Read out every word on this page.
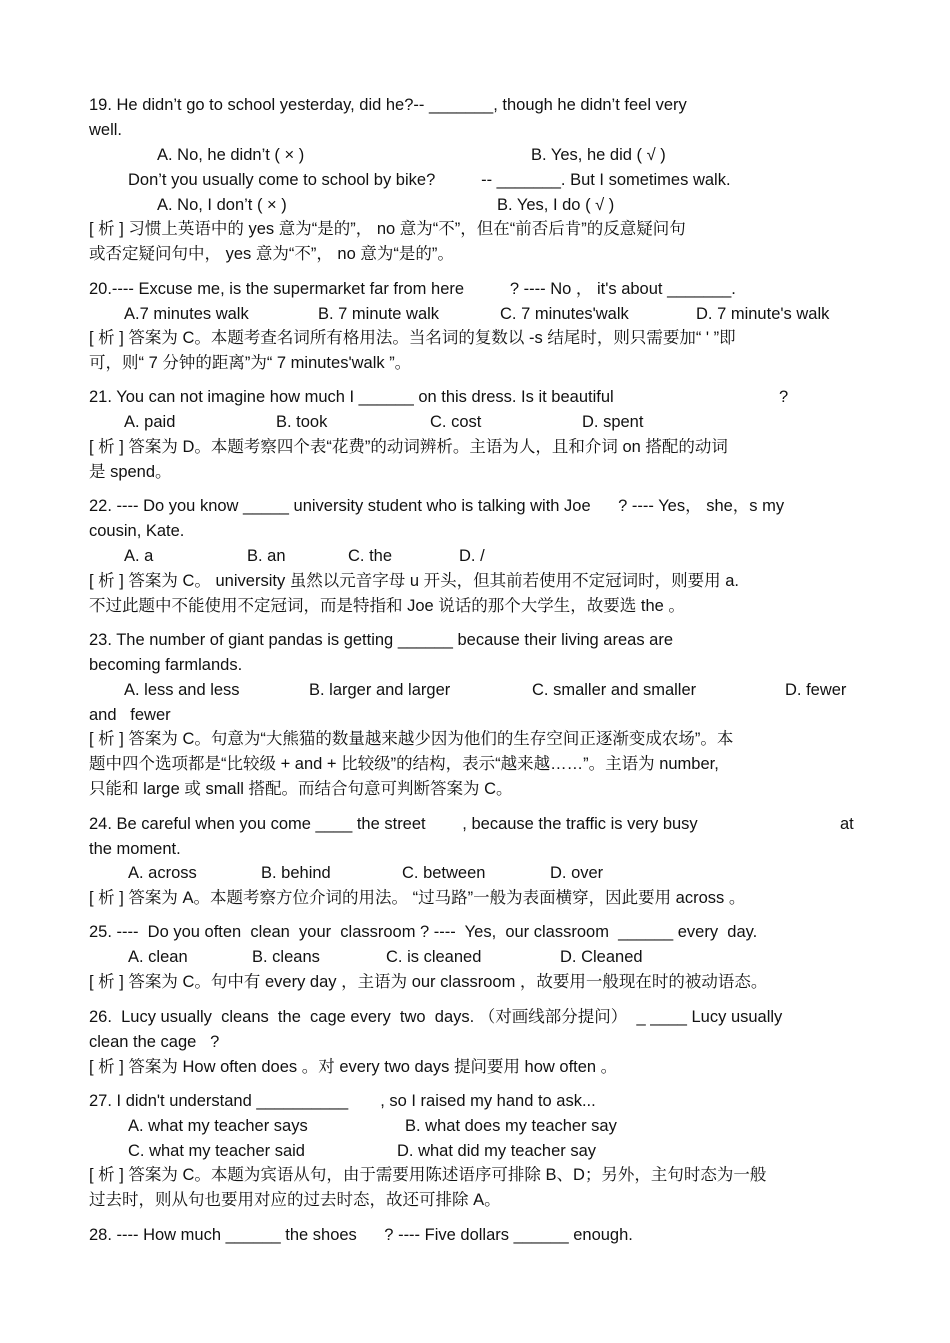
19. He didn’t go to school yesterday, did he?-- _______, though he didn’t feel very
well.
A. No, he didn’t ( × )	B. Yes, he did ( √ )
Don’t you usually come to school by bike?          -- _______. But I sometimes walk.
A. No, I don’t ( × )	B. Yes, I do ( √ )
[ 析 ] 习惯上英语中的 yes 意为“是的”， no 意为“不”，但在“前否后肯”的反意疑问句
或否定疑问句中， yes 意为“不”， no 意为“是的”。
20.---- Excuse me, is the supermarket far from here          ? ---- No ， it's about _______.
A.7 minutes walk	B. 7 minute walk	C. 7 minutes'walk	D. 7 minute's walk
[ 析 ] 答案为 C。本题考查名词所有格用法。当名词的复数以 -s 结尾时，则只需要加“ ' ”即
可，则“ 7 分钟的距离”为“ 7 minutes'walk ”。
21. You can not imagine how much I ______ on this dress. Is it beautiful	?
A. paid	B. took	C. cost	D. spent
[ 析 ] 答案为 D。本题考察四个表“花费”的动词辨析。主语为人，且和介词 on 搭配的动词
是 spend。
22. ---- Do you know _____ university student who is talking with Joe      ? ---- Yes， she，s my
cousin, Kate.
A. a	B. an	C. the	D. /
[ 析 ] 答案为 C。 university 虽然以元音字母 u 开头，但其前若使用不定冠词时，则要用 a.
不过此题中不能使用不定冠词，而是特指和 Joe 说话的那个大学生，故要选 the 。
23. The number of giant pandas is getting ______ because their living areas are
becoming farmlands.
A. less and less	B. larger and larger	C. smaller and smaller	D. fewer
and   fewer
[ 析 ] 答案为 C。句意为“大熊猫的数量越来越少因为他们的生存空间正逐渐变成农场”。本
题中四个选项都是“比较级 + and + 比较级”的结构，表示“越来越……”。主语为 number,
只能和 large 或 small 搭配。而结合句意可判断答案为 C。
24. Be careful when you come ____ the street        , because the traffic is very busy	at
the moment.
A. across	B. behind	C. between	D. over
[ 析 ] 答案为 A。本题考察方位介词的用法。 “过马路”一般为表面横穿，因此要用 across 。
25. ----  Do you often  clean  your  classroom ? ----  Yes,  our classroom  ______ every  day.
A. clean	B. cleans	C. is cleaned	D. Cleaned
[ 析 ] 答案为 C。句中有 every day ，主语为 our classroom ，故要用一般现在时的被动语态。
26.  Lucy usually  cleans  the  cage every  two  days. （对画线部分提问）  _ ____ Lucy usually
clean the cage   ?
[ 析 ] 答案为 How often does 。对 every two days 提问要用 how often 。
27. I didn't understand __________       , so I raised my hand to ask...
A. what my teacher says	B. what does my teacher say
C. what my teacher said	D. what did my teacher say
[ 析 ] 答案为 C。本题为宾语从句，由于需要用陈述语序可排除 B、D；另外，主句时态为一般
过去时，则从句也要用对应的过去时态，故还可排除 A。
28. ---- How much ______ the shoes      ? ---- Five dollars ______ enough.
